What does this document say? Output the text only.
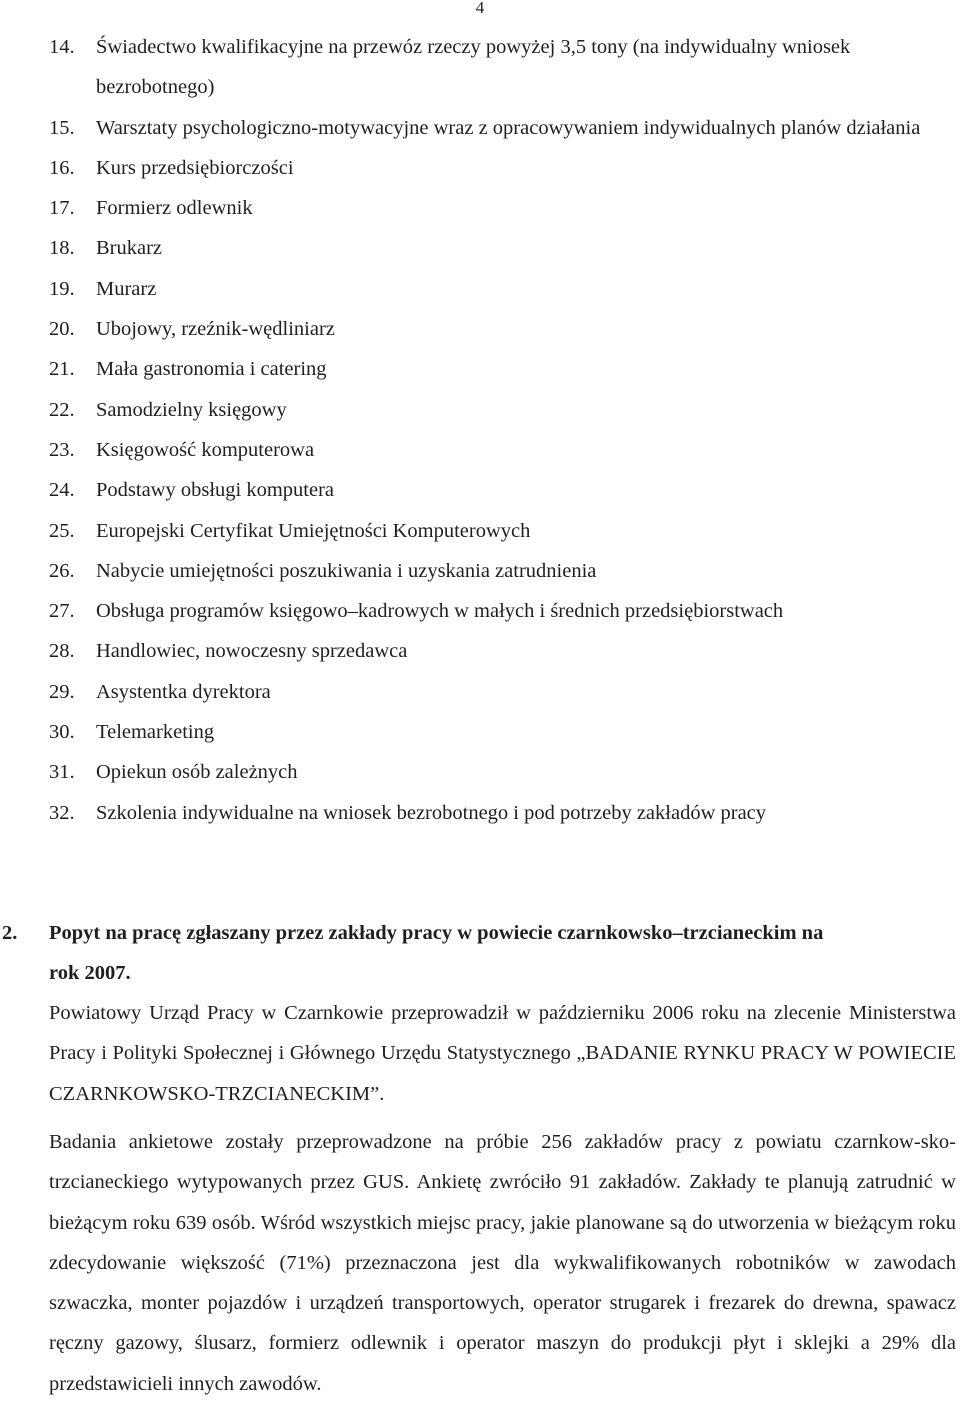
4
14. Świadectwo kwalifikacyjne na przewóz rzeczy powyżej 3,5 tony (na indywidualny wniosek bezrobotnego)
15. Warsztaty psychologiczno-motywacyjne wraz z opracowywaniem indywidualnych planów działania
16. Kurs przedsiębiorczości
17. Formierz odlewnik
18. Brukarz
19. Murarz
20. Ubojowy, rzeźnik-wędliniarz
21. Mała gastronomia i catering
22. Samodzielny księgowy
23. Księgowość komputerowa
24. Podstawy obsługi komputera
25. Europejski Certyfikat Umiejętności Komputerowych
26. Nabycie umiejętności poszukiwania i uzyskania zatrudnienia
27. Obsługa programów księgowo–kadrowych w małych i średnich przedsiębiorstwach
28. Handlowiec, nowoczesny sprzedawca
29. Asystentka dyrektora
30. Telemarketing
31. Opiekun osób zależnych
32. Szkolenia indywidualne na wniosek bezrobotnego i pod potrzeby zakładów pracy
2.	Popyt na pracę zgłaszany przez zakłady pracy w powiecie czarnkowsko–trzcianeckim na
rok 2007.

Powiatowy Urząd Pracy w Czarnkowie przeprowadził w październiku 2006 roku na zlecenie Ministerstwa Pracy i Polityki Społecznej i Głównego Urzędu Statystycznego „BADANIE RYNKU PRACY W POWIECIE CZARNKOWSKO-TRZCIANECKIM”.

Badania ankietowe zostały przeprowadzone na próbie 256 zakładów pracy z powiatu czarnkow-sko-trzcianeckiego wytypowanych przez GUS. Ankietę zwróciło 91 zakładów. Zakłady te planują zatrudnić w bieżącym roku 639 osób. Wśród wszystkich miejsc pracy, jakie planowane są do utworzenia w bieżącym roku zdecydowanie większość (71%) przeznaczona jest dla wykwalifikowanych robotników w zawodach szwaczka, monter pojazdów i urządzeń transportowych, operator strugarek i frezarek do drewna, spawacz ręczny gazowy, ślusarz, formierz odlewnik i operator maszyn do produkcji płyt i sklejki a 29% dla przedstawicieli innych zawodów.
